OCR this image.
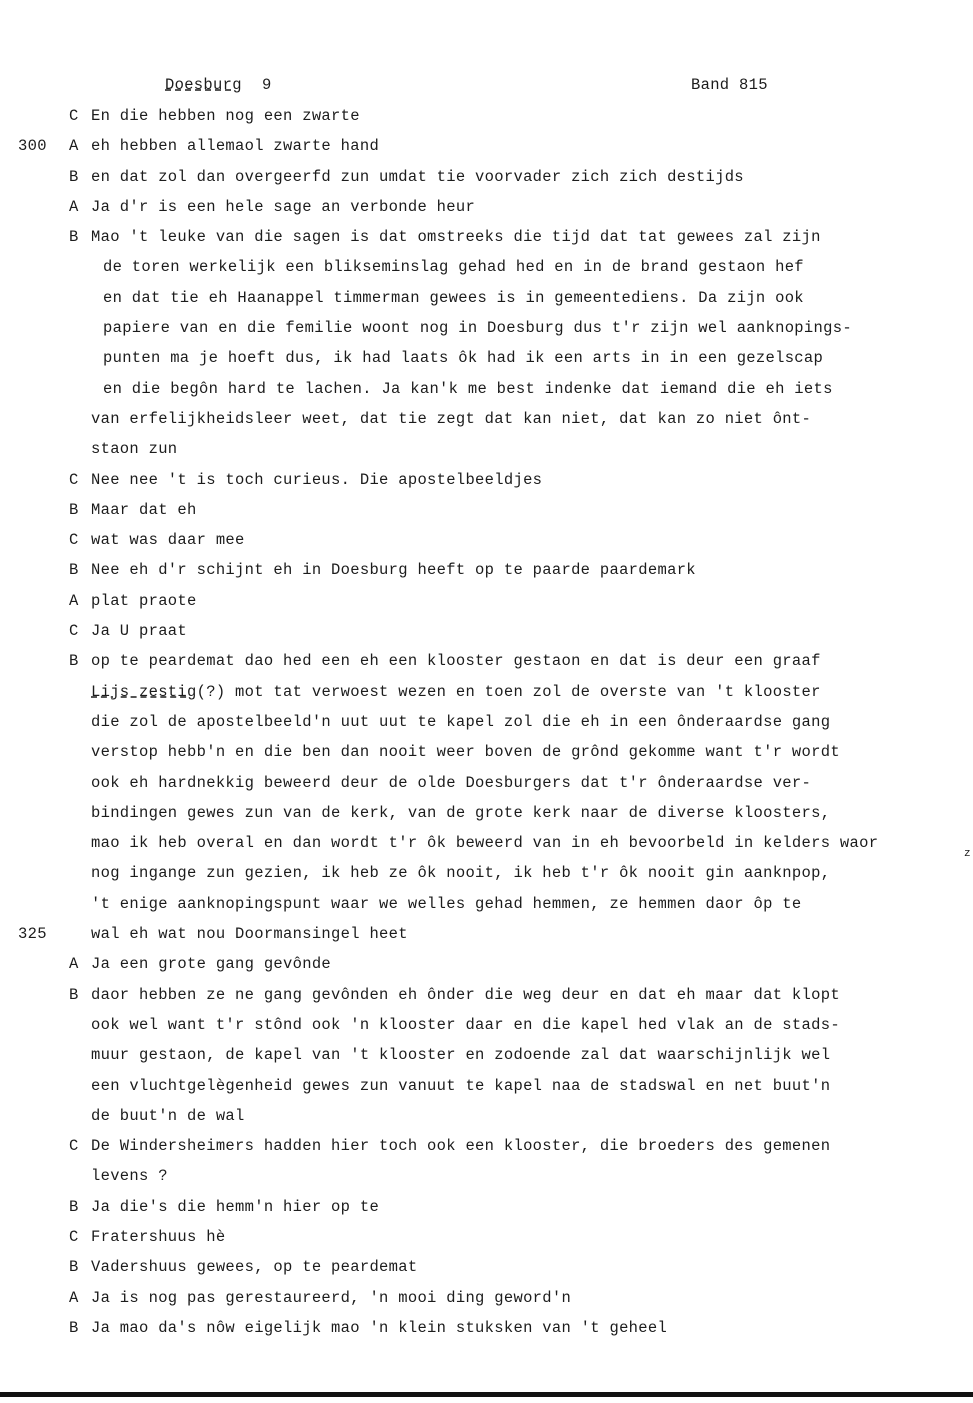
Doesburg 9	Band 815
C En die hebben nog een zwarte
300 A eh hebben allemaol zwarte hand
B en dat zol dan overgeerfd zun umdat tie voorvader zich zich destijds
A Ja d'r is een hele sage an verbonde heur
B Mao 't leuke van die sagen is dat omstreeks die tijd dat tat gewees zal zijn
de toren werkelijk een blikseminslag gehad hed en in de brand gestaon hef
en dat tie eh Haanappel timmerman gewees is in gemeentediens. Da zijn ook
papiere van en die femilie woont nog in Doesburg dus t'r zijn wel aanknopings-
punten ma je hoeft dus, ik had laats ôk had ik een arts in in een gezelscap
en die begôn hard te lachen. Ja kan'k me best indenke dat iemand die eh iets
van erfelijkheidsleer weet, dat tie zegt dat kan niet, dat kan zo niet ônt-
staon zun
C Nee nee 't is toch curieus. Die apostelbeeldjes
B Maar dat eh
C wat was daar mee
B Nee eh d'r schijnt eh in Doesburg heeft op te paarde paardemark
A plat praote
C Ja U praat
B op te peardemat dao hed een eh een klooster gestaon en dat is deur een graaf
Lijs zestig(?) mot tat verwoest wezen en toen zol de overste van 't klooster
die zol de apostelbeeld'n uut uut te kapel zol die eh in een ônderaardse gang
verstop hebb'n en die ben dan nooit weer boven de grônd gekomme want t'r wordt
ook eh hardnekkig beweerd deur de olde Doesburgers dat t'r ônderaardse ver-
bindingen gewes zun van de kerk, van de grote kerk naar de diverse kloosters,
mao ik heb overal en dan wordt t'r ôk beweerd van in eh bevoorbeld in kelders waor
nog ingange zun gezien, ik heb ze ôk nooit, ik heb t'r ôk nooit gin aanknpop,
't enige aanknopingspunt waar we welles gehad hemmen, ze hemmen daor ôp te
325	wal eh wat nou Doormansingel heet
A Ja een grote gang gevônde
B daor hebben ze ne gang gevônden eh ônder die weg deur en dat eh maar dat klopt
ook wel want t'r stônd ook 'n klooster daar en die kapel hed vlak an de stads-
muur gestaon, de kapel van 't klooster en zodoende zal dat waarschijnlijk wel
een vluchtgelègenheid gewes zun vanuut te kapel naa de stadswal en net buut'n
de buut'n de wal
C De Windersheimers hadden hier toch ook een klooster, die broeders des gemenen
levens ?
B Ja die's die hemm'n hier op te
C Fratershuus hè
B Vadershuus gewees, op te peardemat
A Ja is nog pas gerestaureerd, 'n mooi ding geword'n
B Ja mao da's nôw eigelijk mao 'n klein stuksken van 't geheel
z
